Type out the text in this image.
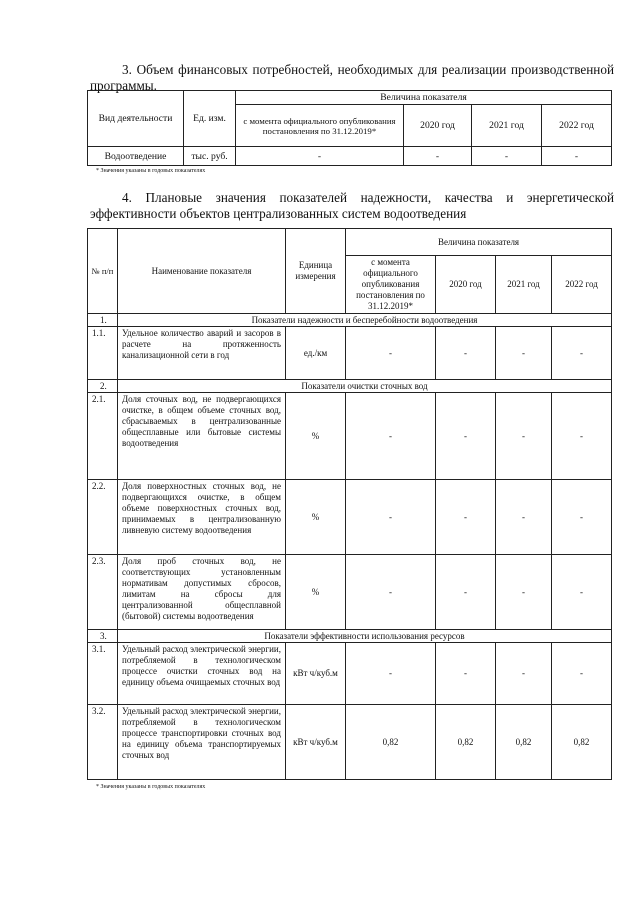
3. Объем финансовых потребностей, необходимых для реализации производственной программы.

Вид деятельности	Ед. изм.	Величина показателя			
		с момента официального опубликования постановления по 31.12.2019*	2020 год	2021 год	2022 год
Водоотведение	тыс. руб.	-	-	-	-

* Значения указаны в годовых показателях

4. Плановые значения показателей надежности, качества и энергетической эффективности объектов централизованных систем водоотведения

№ п/п	Наименование показателя	Единица измерения	Величина показателя			
			с момента официального опубликования постановления по 31.12.2019*	2020 год	2021 год	2022 год
1.	Показатели надежности и бесперебойности водоотведения					
1.1.	Удельное количество аварий и засоров в расчете на протяженность канализационной сети в год	ед./км	-	-	-	-
2.	Показатели очистки сточных вод					
2.1.	Доля сточных вод, не подвергающихся очистке, в общем объеме сточных вод, сбрасываемых в централизованные общесплавные или бытовые системы водоотведения	%	-	-	-	-
2.2.	Доля поверхностных сточных вод, не подвергающихся очистке, в общем объеме поверхностных сточных вод, принимаемых в централизованную ливневую систему водоотведения	%	-	-	-	-
2.3.	Доля проб сточных вод, не соответствующих установленным нормативам допустимых сбросов, лимитам на сбросы для централизованной общесплавной (бытовой) системы водоотведения	%	-	-	-	-
3.	Показатели эффективности использования ресурсов					
3.1.	Удельный расход электрической энергии, потребляемой в технологическом процессе очистки сточных вод на единицу объема очищаемых сточных вод	кВт ч/куб.м	-	-	-	-
3.2.	Удельный расход электрической энергии, потребляемой в технологическом процессе транспортировки сточных вод на единицу объема транспортируемых сточных вод	кВт ч/куб.м	0,82	0,82	0,82	0,82

* Значения указаны в годовых показателях
